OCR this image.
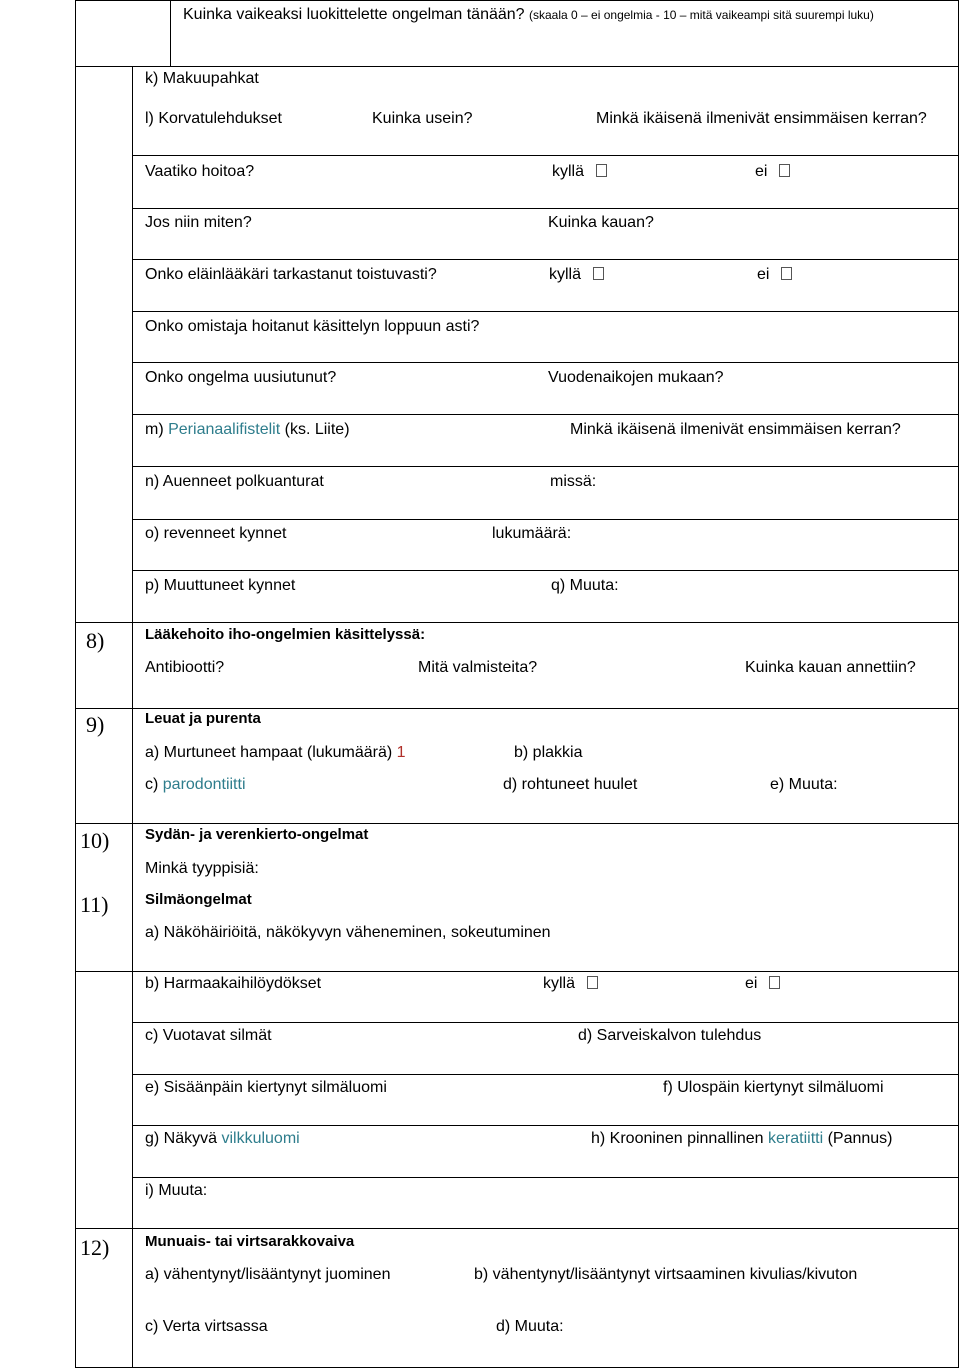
Kuinka vaikeaksi luokittelette ongelman tänään? (skaala 0 – ei ongelmia - 10 – mitä vaikeampi sitä suurempi luku)
k) Makuupahkat
l) Korvatulehdukset	Kuinka usein?	Minkä ikäisenä ilmenivät ensimmäisen kerran?
Vaatiko hoitoa?	kyllä	ei
Jos niin miten?	Kuinka kauan?
Onko eläinlääkäri tarkastanut toistuvasti?	kyllä	ei
Onko omistaja hoitanut käsittelyn loppuun asti?
Onko ongelma uusiutunut?	Vuodenaikojen mukaan?
m) Perianaalifistelit (ks. Liite)	Minkä ikäisenä ilmenivät ensimmäisen kerran?
n) Auenneet polkuanturat	missä:
o) revenneet kynnet	lukumäärä:
p) Muuttuneet kynnet	q) Muuta:
8)	Lääkehoito iho-ongelmien käsittelyssä:
Antibiootti?	Mitä valmisteita?	Kuinka kauan annettiin?
9)	Leuat ja purenta
a) Murtuneet hampaat (lukumäärä) 1	b) plakkia
c) parodontiitti	d) rohtuneet huulet	e) Muuta:
10) Sydän- ja verenkierto-ongelmat
Minkä tyyppisiä:
11) Silmäongelmat
a) Näköhäiriöitä, näkökyvyn väheneminen, sokeutuminen
b) Harmaakaihilöydökset	kyllä	ei
c) Vuotavat silmät	d) Sarveiskalvon tulehdus
e) Sisäänpäin kiertynyt silmäluomi	f) Ulospäin kiertynyt silmäluomi
g) Näkyvä vilkkuluomi	h) Krooninen pinnallinen keratiitti (Pannus)
i) Muuta:
12) Munuais- tai virtsarakkovaiva
a) vähentynyt/lisääntynyt juominen	b) vähentynyt/lisääntynyt virtsaaminen kivulias/kivuton
c) Verta virtsassa	d) Muuta:
